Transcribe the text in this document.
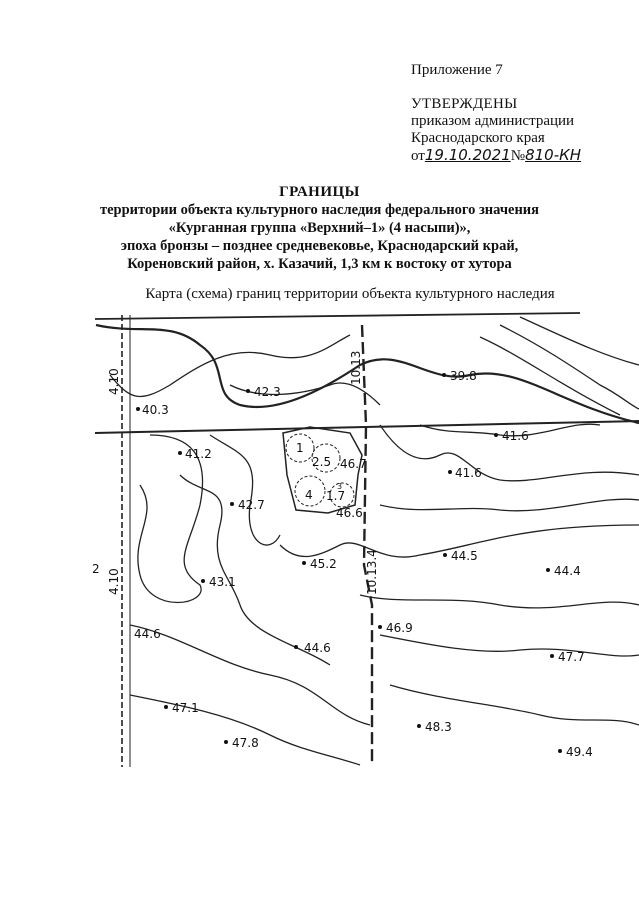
Приложение 7
УТВЕРЖДЕНЫ
приказом администрации
Краснодарского края
от19.10.2021№810-КН
ГРАНИЦЫ
территории объекта культурного наследия федерального значения
«Курганная группа «Верхний–1» (4 насыпи)»,
эпоха бронзы – позднее средневековье, Краснодарский край,
Кореновский район, х. Казачий, 1,3 км к востоку от хутора
Карта (схема) границ территории объекта культурного наследия
42.3
40.3
39.8
41.2
41.6
41.6
42.7
46.7
46.6
45.2
44.5
43.1
44.4
44.6
44.6
46.9
47.7
47.1
48.3
47.8
49.4
10.13
10.13.4
4.10
4.10
1
2.5
3
4 1.7
2
